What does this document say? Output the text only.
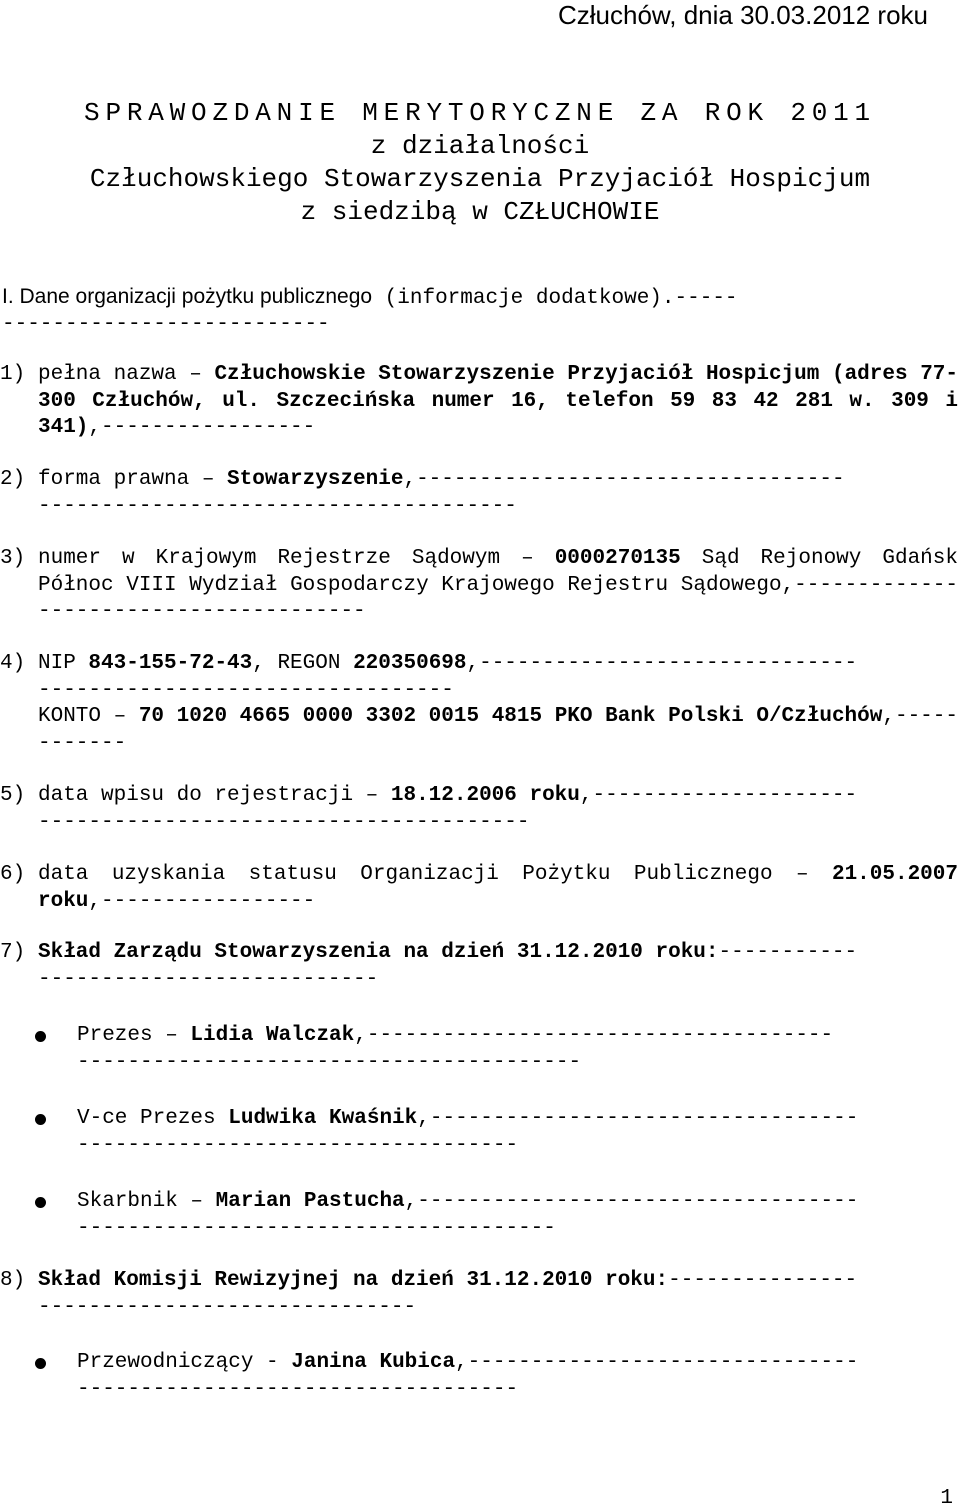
Człuchów, dnia 30.03.2012 roku
SPRAWOZDANIE MERYTORYCZNE ZA ROK 2011
z działalności
Człuchowskiego Stowarzyszenia Przyjaciół Hospicjum
z siedzibą w CZŁUCHOWIE
I. Dane organizacji pożytku publicznego (informacje dodatkowe).-----
--------------------------
1) pełna nazwa – Człuchowskie Stowarzyszenie Przyjaciół Hospicjum (adres 77-300 Człuchów, ul. Szczecińska numer 16, telefon 59 83 42 281 w. 309 i 341),-----------------
2) forma prawna – Stowarzyszenie,----------------------------------
--------------------------------------
3) numer w Krajowym Rejestrze Sądowym – 0000270135 Sąd Rejonowy Gdańsk Północ VIII Wydział Gospodarczy Krajowego Rejestru Sądowego,---------------------------------------
4) NIP 843-155-72-43, REGON 220350698,------------------------------
---------------------------------
KONTO – 70 1020 4665 0000 3302 0015 4815 PKO Bank Polski O/Człuchów,------------
5) data wpisu do rejestracji – 18.12.2006 roku,---------------------
---------------------------------------
6) data uzyskania statusu Organizacji Pożytku Publicznego – 21.05.2007 roku,-----------------
7) Skład Zarządu Stowarzyszenia na dzień 31.12.2010 roku:-----------
---------------------------
Prezes – Lidia Walczak,-------------------------------------
----------------------------------------
V-ce Prezes Ludwika Kwaśnik,----------------------------------
-----------------------------------
Skarbnik – Marian Pastucha,-----------------------------------
--------------------------------------
8) Skład Komisji Rewizyjnej na dzień 31.12.2010 roku:---------------
------------------------------
Przewodniczący - Janina Kubica,-------------------------------
-----------------------------------
1
